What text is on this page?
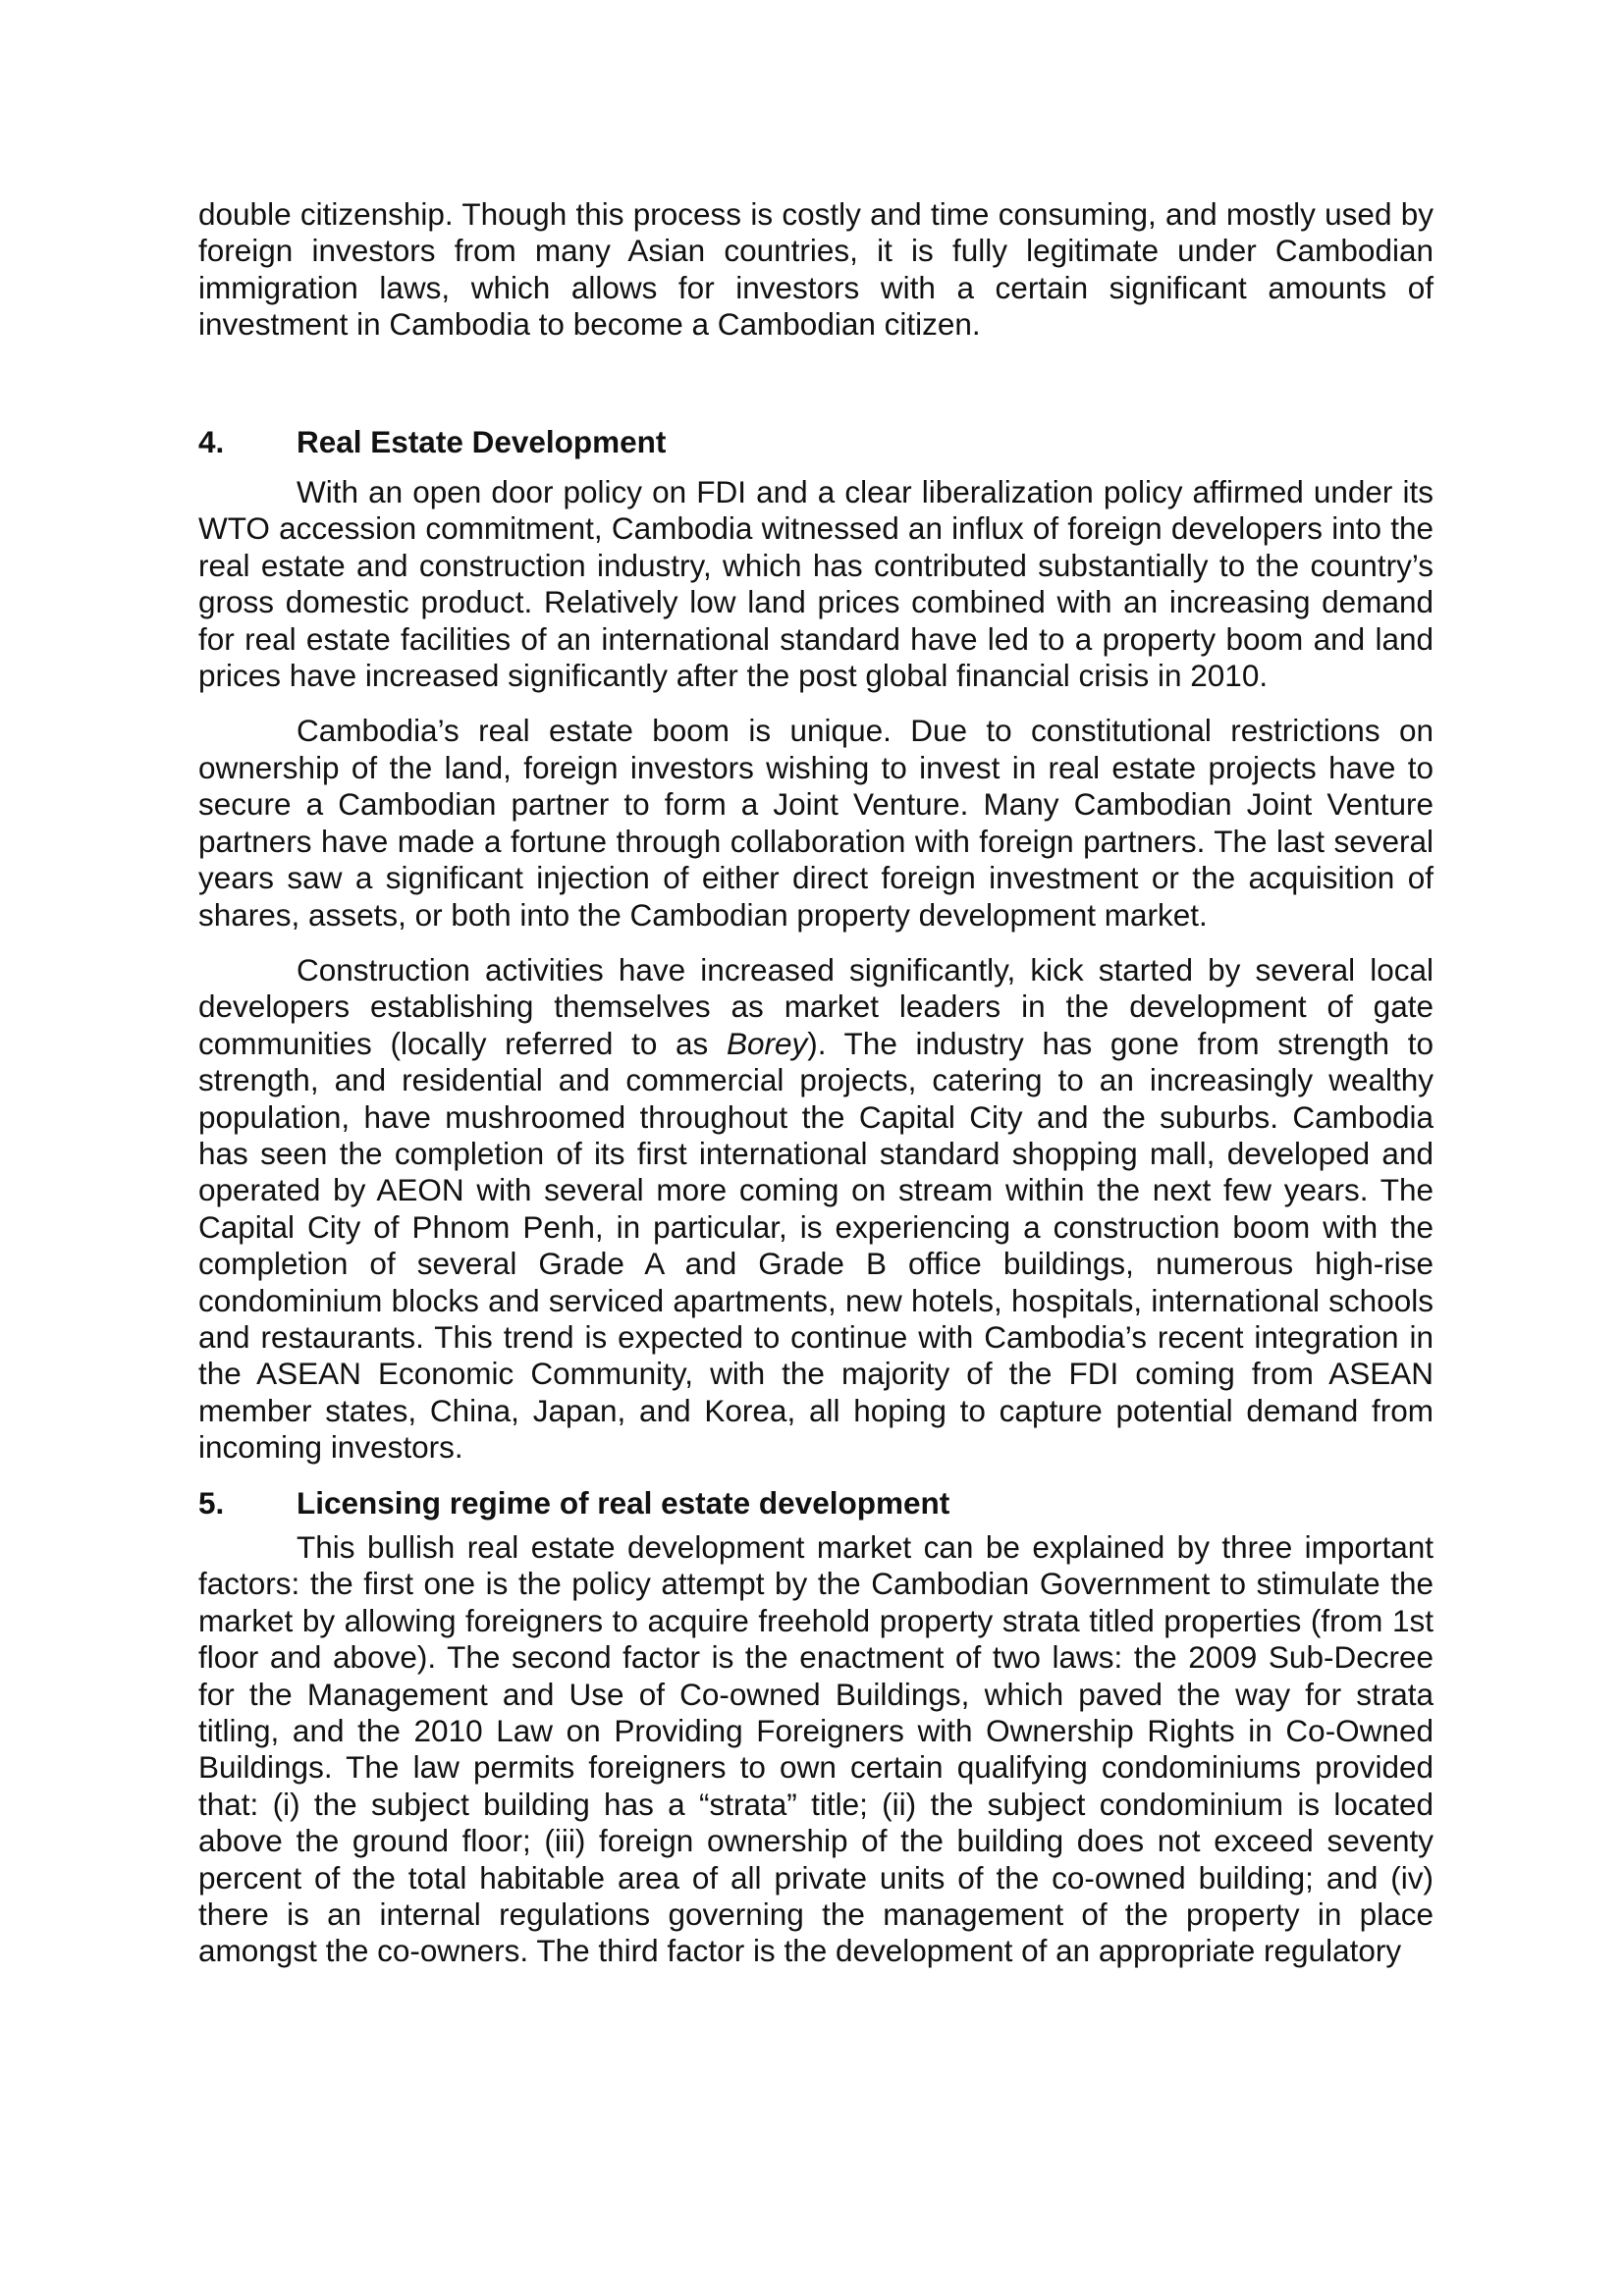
double citizenship. Though this process is costly and time consuming, and mostly used by foreign investors from many Asian countries, it is fully legitimate under Cambodian immigration laws, which allows for investors with a certain significant amounts of investment in Cambodia to become a Cambodian citizen.

4.	Real Estate Development

With an open door policy on FDI and a clear liberalization policy affirmed under its WTO accession commitment, Cambodia witnessed an influx of foreign developers into the real estate and construction industry, which has contributed substantially to the country’s gross domestic product. Relatively low land prices combined with an increasing demand for real estate facilities of an international standard have led to a property boom and land prices have increased significantly after the post global financial crisis in 2010.

Cambodia’s real estate boom is unique. Due to constitutional restrictions on ownership of the land, foreign investors wishing to invest in real estate projects have to secure a Cambodian partner to form a Joint Venture. Many Cambodian Joint Venture partners have made a fortune through collaboration with foreign partners. The last several years saw a significant injection of either direct foreign investment or the acquisition of shares, assets, or both into the Cambodian property development market.

Construction activities have increased significantly, kick started by several local developers establishing themselves as market leaders in the development of gate communities (locally referred to as Borey). The industry has gone from strength to strength, and residential and commercial projects, catering to an increasingly wealthy population, have mushroomed throughout the Capital City and the suburbs. Cambodia has seen the completion of its first international standard shopping mall, developed and operated by AEON with several more coming on stream within the next few years. The Capital City of Phnom Penh, in particular, is experiencing a construction boom with the completion of several Grade A and Grade B office buildings, numerous high-rise condominium blocks and serviced apartments, new hotels, hospitals, international schools and restaurants. This trend is expected to continue with Cambodia’s recent integration in the ASEAN Economic Community, with the majority of the FDI coming from ASEAN member states, China, Japan, and Korea, all hoping to capture potential demand from incoming investors.

5.	Licensing regime of real estate development

This bullish real estate development market can be explained by three important factors: the first one is the policy attempt by the Cambodian Government to stimulate the market by allowing foreigners to acquire freehold property strata titled properties (from 1st floor and above). The second factor is the enactment of two laws: the 2009 Sub-Decree for the Management and Use of Co-owned Buildings, which paved the way for strata titling, and the 2010 Law on Providing Foreigners with Ownership Rights in Co-Owned Buildings. The law permits foreigners to own certain qualifying condominiums provided that: (i) the subject building has a “strata” title; (ii) the subject condominium is located above the ground floor; (iii) foreign ownership of the building does not exceed seventy percent of the total habitable area of all private units of the co-owned building; and (iv) there is an internal regulations governing the management of the property in place amongst the co-owners. The third factor is the development of an appropriate regulatory
